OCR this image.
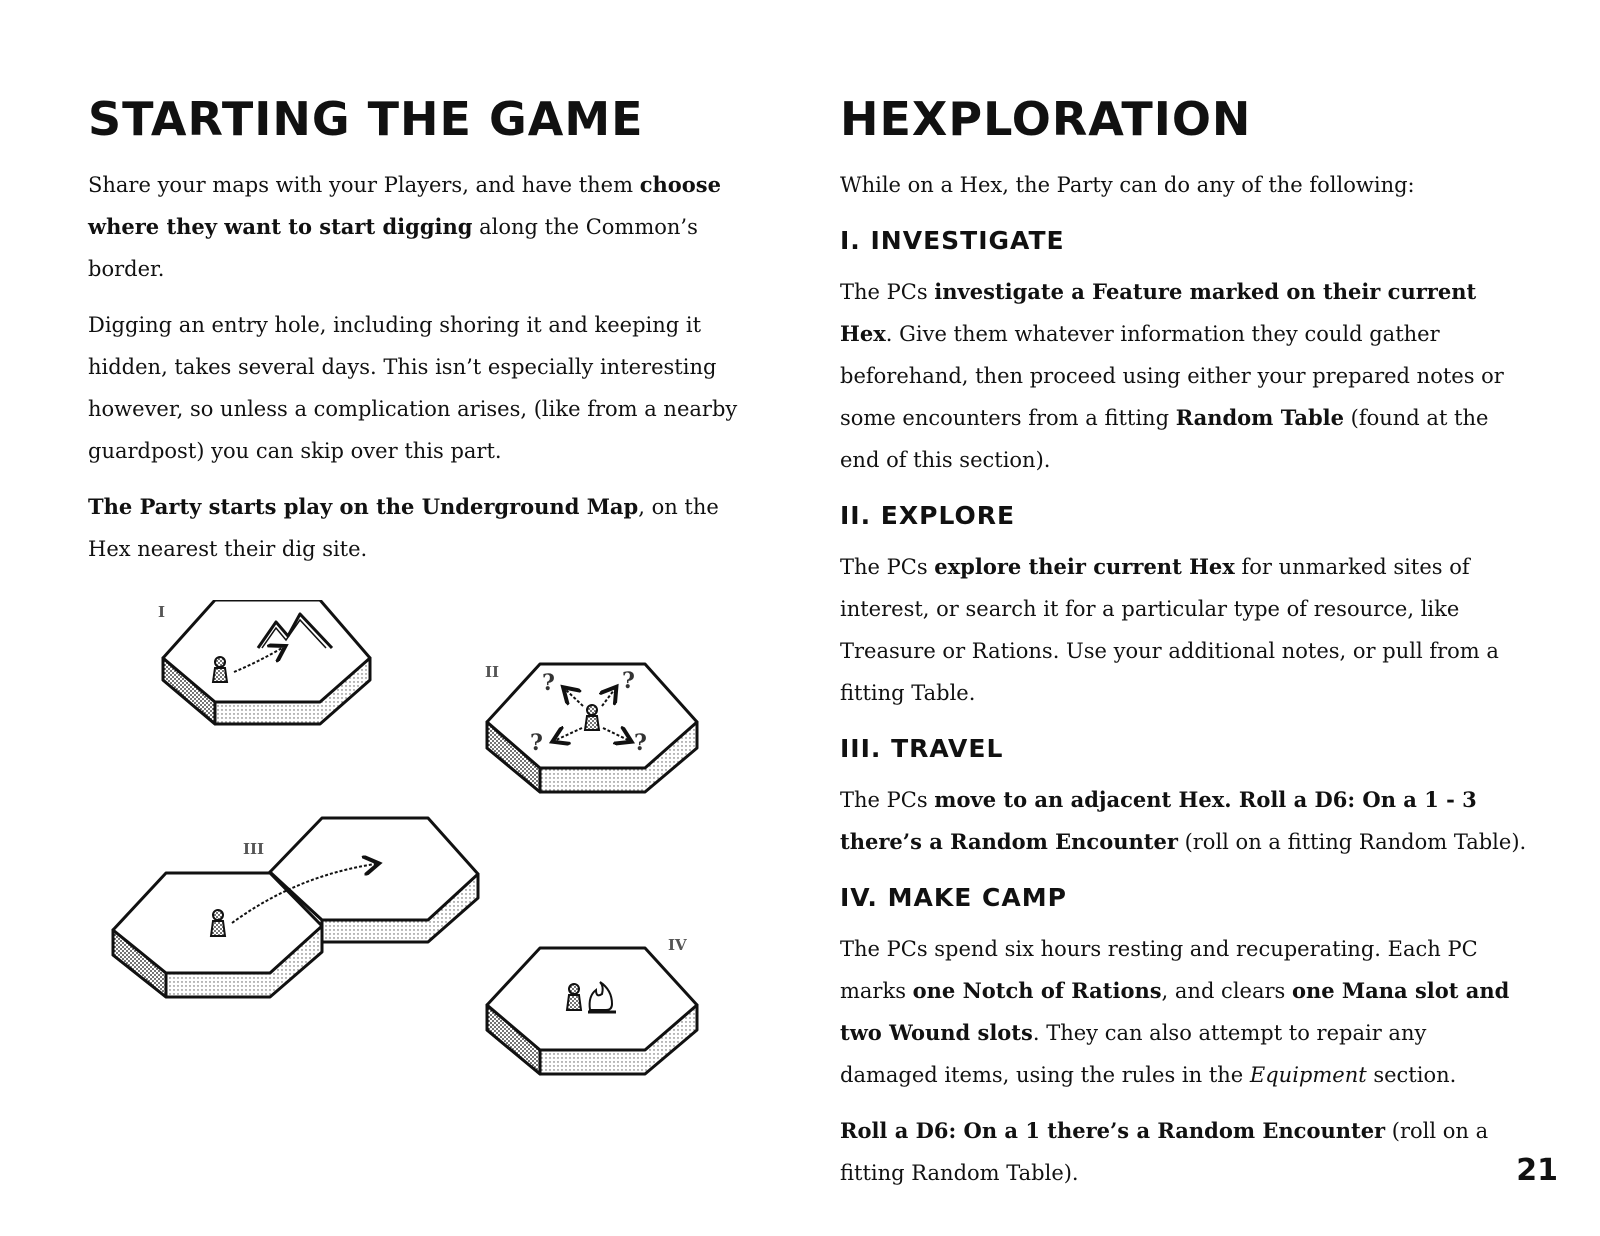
STARTING THE GAME

Share your maps with your Players, and have them choose where they want to start digging along the Common’s border.

Digging an entry hole, including shoring it and keeping it hidden, takes several days. This isn’t especially interesting however, so unless a complication arises, (like from a nearby guardpost) you can skip over this part.

The Party starts play on the Underground Map, on the Hex nearest their dig site.

?	?
?	?
I
II
III
IV
HEXPLORATION

While on a Hex, the Party can do any of the following:

I. INVESTIGATE

The PCs investigate a Feature marked on their current Hex. Give them whatever information they could gather beforehand, then proceed using either your prepared notes or some encounters from a fitting Random Table (found at the end of this section).

II. EXPLORE

The PCs explore their current Hex for unmarked sites of interest, or search it for a particular type of resource, like Treasure or Rations. Use your additional notes, or pull from a fitting Table.

III. TRAVEL

The PCs move to an adjacent Hex. Roll a D6: On a 1 - 3 there’s a Random Encounter (roll on a fitting Random Table).

IV. MAKE CAMP

The PCs spend six hours resting and recuperating. Each PC marks one Notch of Rations, and clears one Mana slot and two Wound slots. They can also attempt to repair any damaged items, using the rules in the Equipment section.

Roll a D6: On a 1 there’s a Random Encounter (roll on a fitting Random Table).	21
